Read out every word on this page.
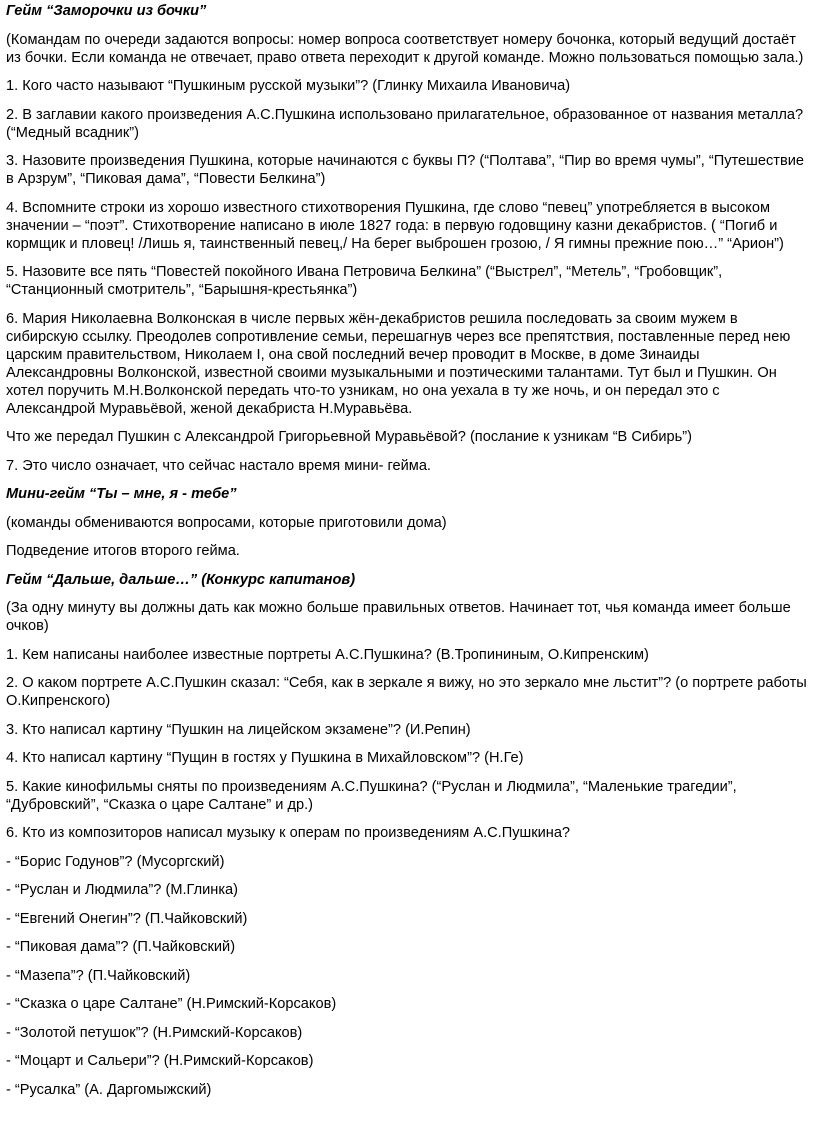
Гейм “Заморочки из бочки”

(Командам по очереди задаются вопросы: номер вопроса соответствует номеру бочонка, который ведущий достаёт из бочки. Если команда не отвечает, право ответа переходит к другой команде. Можно пользоваться помощью зала.)

1. Кого часто называют “Пушкиным русской музыки”? (Глинку Михаила Ивановича)

2. В заглавии какого произведения А.С.Пушкина использовано прилагательное, образованное от названия металла? (“Медный всадник”)

3. Назовите произведения Пушкина, которые начинаются с буквы П? (“Полтава”, “Пир во время чумы”, “Путешествие в Арзрум”, “Пиковая дама”, “Повести Белкина”)

4. Вспомните строки из хорошо известного стихотворения Пушкина, где слово “певец” употребляется в высоком значении – “поэт”. Стихотворение написано в июле 1827 года: в первую годовщину казни декабристов. ( “Погиб и кормщик и пловец! /Лишь я, таинственный певец,/ На берег выброшен грозою, / Я гимны прежние пою…” “Арион”)

5. Назовите все пять “Повестей покойного Ивана Петровича Белкина” (“Выстрел”, “Метель”, “Гробовщик”, “Станционный смотритель”, “Барышня-крестьянка”)

6. Мария Николаевна Волконская в числе первых жён-декабристов решила последовать за своим мужем в сибирскую ссылку. Преодолев сопротивление семьи, перешагнув через все препятствия, поставленные перед нею царским правительством, Николаем I, она свой последний вечер проводит в Москве, в доме Зинаиды Александровны Волконской, известной своими музыкальными и поэтическими талантами. Тут был и Пушкин. Он хотел поручить М.Н.Волконской передать что-то узникам, но она уехала в ту же ночь, и он передал это с Александрой Муравьёвой, женой декабриста Н.Муравьёва.

Что же передал Пушкин с Александрой Григорьевной Муравьёвой? (послание к узникам “В Сибирь”)

7. Это число означает, что сейчас настало время мини- гейма.

Мини-гейм “Ты – мне, я - тебе”

(команды обмениваются вопросами, которые приготовили дома)

Подведение итогов второго гейма.

Гейм “Дальше, дальше…” (Конкурс капитанов)

(За одну минуту вы должны дать как можно больше правильных ответов. Начинает тот, чья команда имеет больше очков)

1. Кем написаны наиболее известные портреты А.С.Пушкина? (В.Тропининым, О.Кипренским)

2. О каком портрете А.С.Пушкин сказал: “Себя, как в зеркале я вижу, но это зеркало мне льстит”? (о портрете работы О.Кипренского)

3. Кто написал картину “Пушкин на лицейском экзамене”? (И.Репин)

4. Кто написал картину “Пущин в гостях у Пушкина в Михайловском”? (Н.Ге)

5. Какие кинофильмы сняты по произведениям А.С.Пушкина? (“Руслан и Людмила”, “Маленькие трагедии”, “Дубровский”, “Сказка о царе Салтане” и др.)

6. Кто из композиторов написал музыку к операм по произведениям А.С.Пушкина?

- “Борис Годунов”? (Мусоргский)

- “Руслан и Людмила”? (М.Глинка)

- “Евгений Онегин”? (П.Чайковский)

- “Пиковая дама”? (П.Чайковский)

- “Мазепа”? (П.Чайковский)

- “Сказка о царе Салтане” (Н.Римский-Корсаков)

- “Золотой петушок”? (Н.Римский-Корсаков)

- “Моцарт и Сальери”? (Н.Римский-Корсаков)

- “Русалка” (А. Даргомыжский)
